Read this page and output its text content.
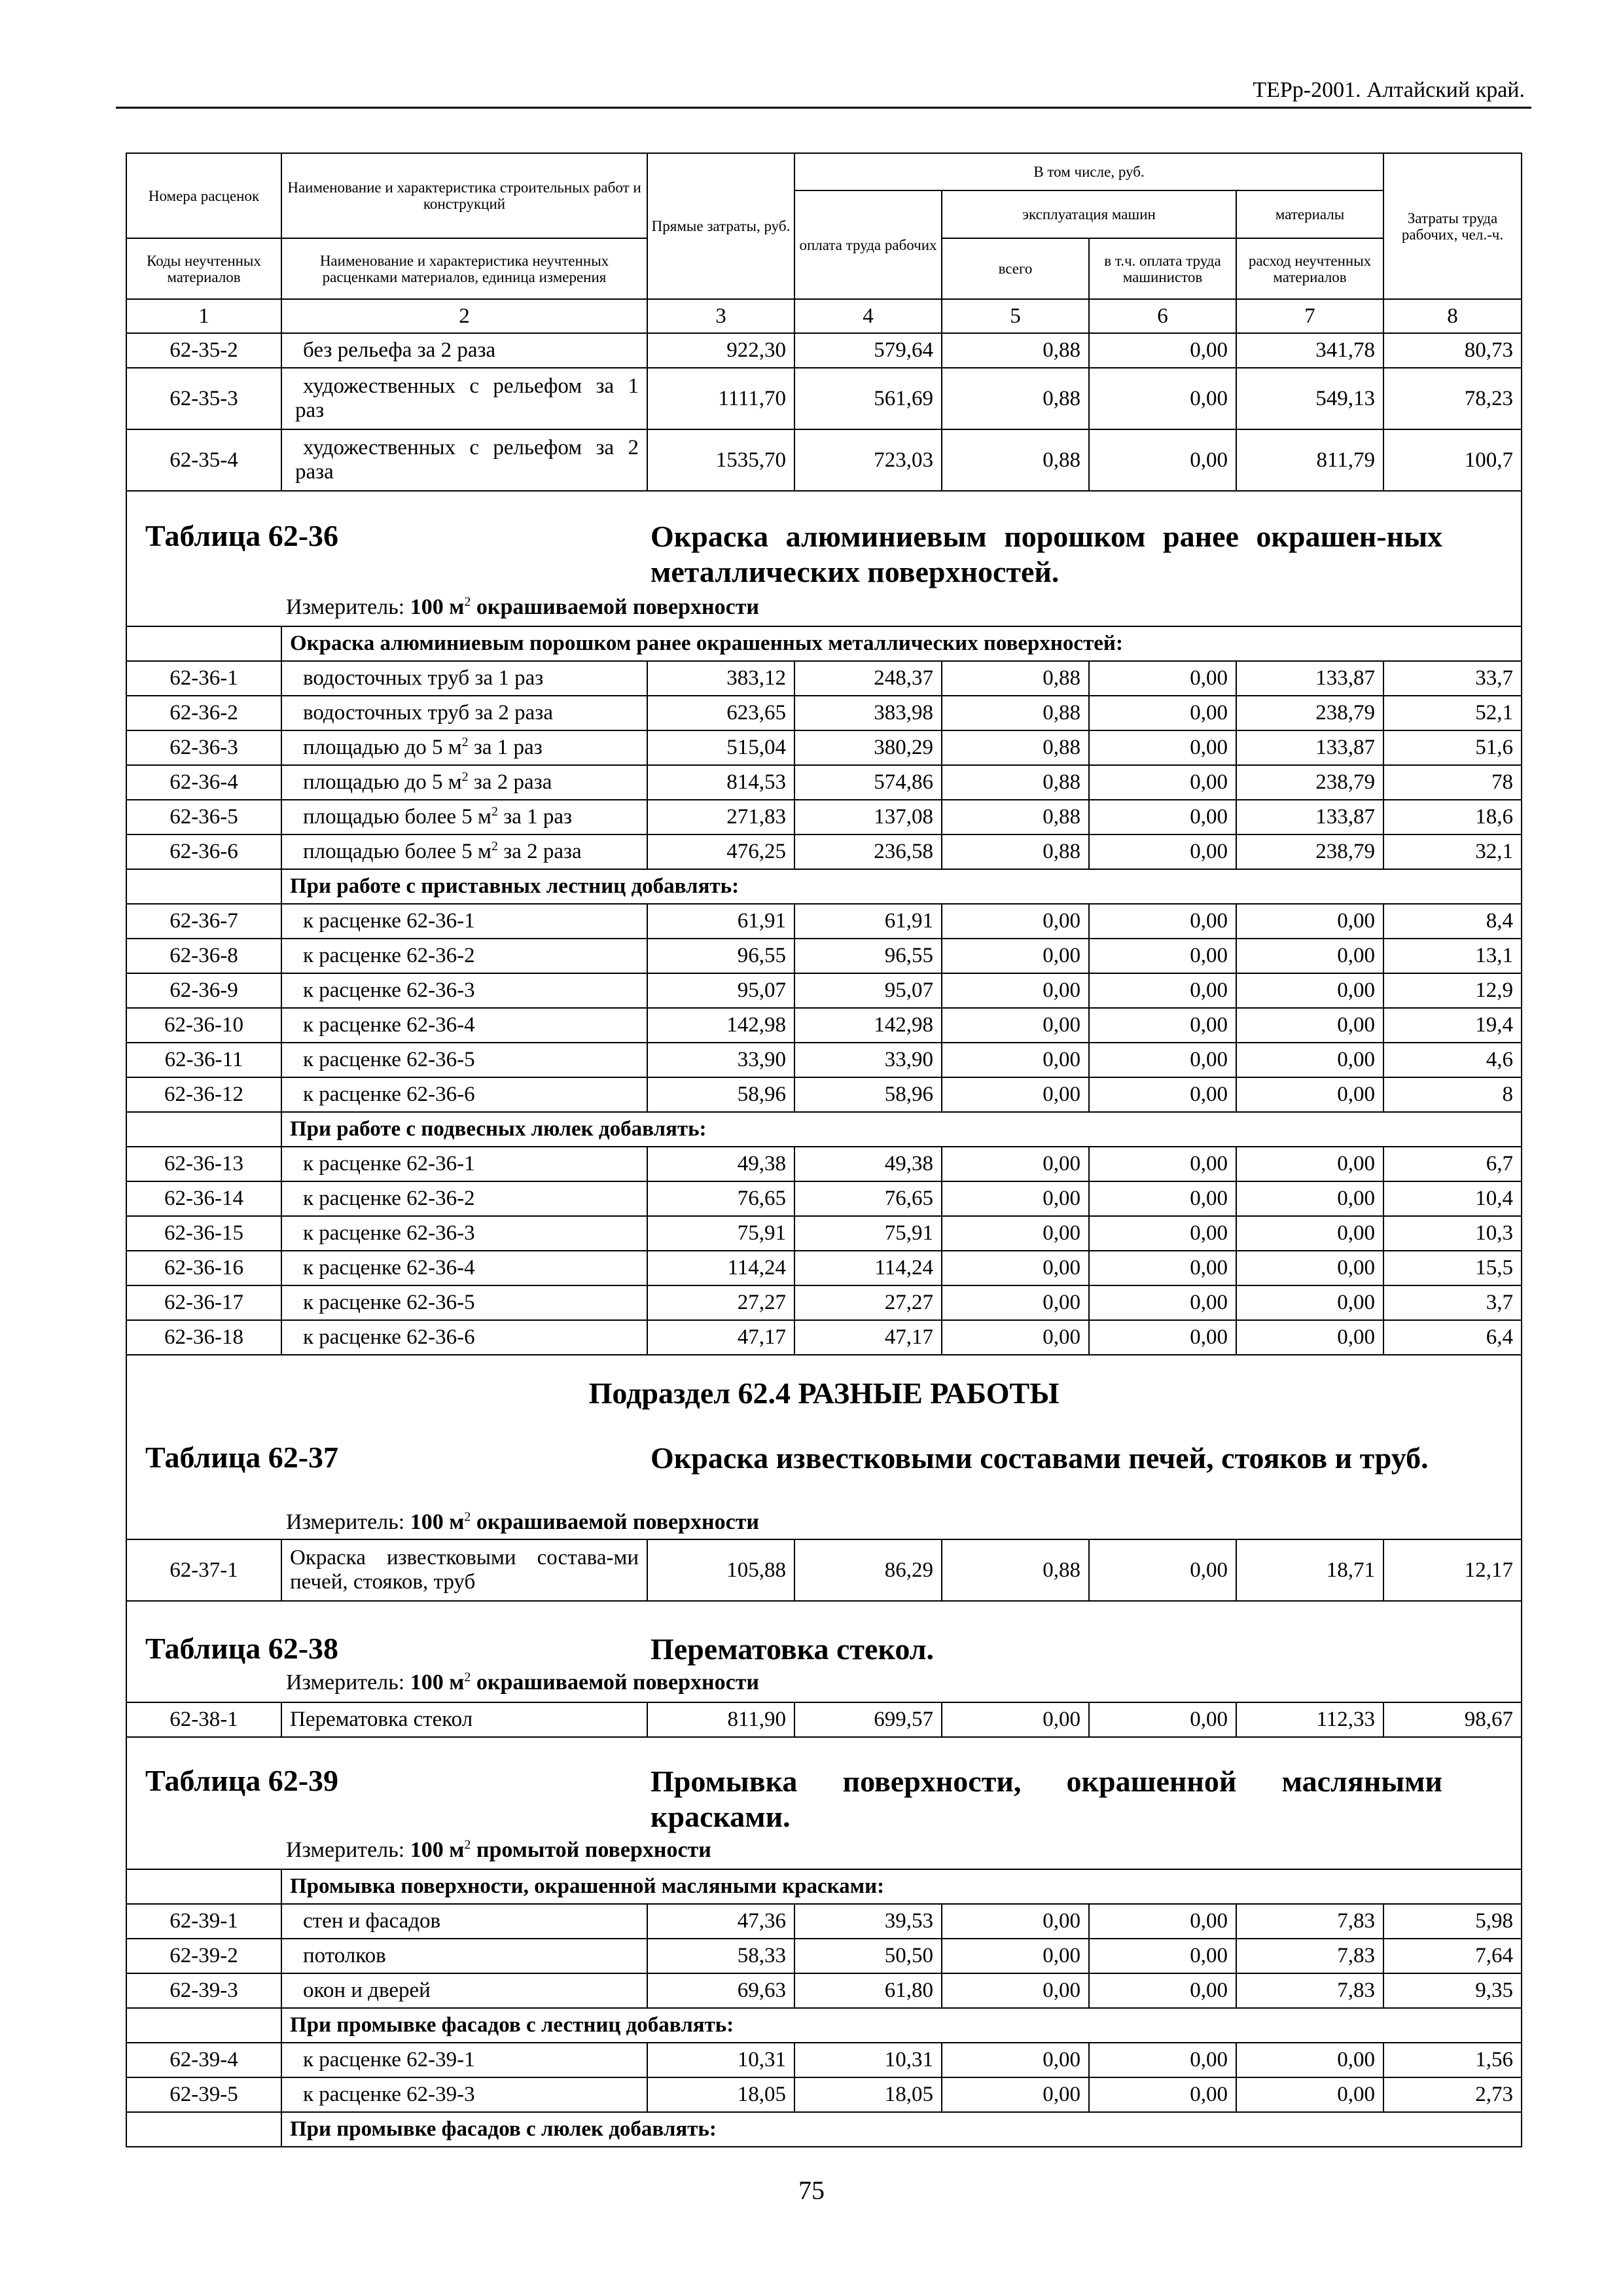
ТЕРр-2001. Алтайский край.
Номера расценок	Наименование и характеристика строительных работ и конструкций	Прямые затраты, руб.	В том числе, руб.				Затраты труда рабочих, чел.-ч.
			оплата труда рабочих	эксплуатация машин		материалы	
Коды неучтенных материалов	Наименование и характеристика неучтенных расценками материалов, единица измерения			всего	в т.ч. оплата труда машинистов	расход неучтенных материалов	
1	2	3	4	5	6	7	8
62-35-2	без рельефа за 2 раза	922,30	579,64	0,88	0,00	341,78	80,73
62-35-3	художественных с рельефом за 1 раз	1111,70	561,69	0,88	0,00	549,13	78,23
62-35-4	художественных с рельефом за 2 раза	1535,70	723,03	0,88	0,00	811,79	100,7

Таблица 62-36 Окраска алюминиевым порошком ранее окрашен-ных металлических поверхностей.
Измеритель: 100 $м^2$ окрашиваемой поверхности							

	Окраска алюминиевым порошком ранее окрашенных металлических поверхностей:						
62-36-1	водосточных труб за 1 раз	383,12	248,37	0,88	0,00	133,87	33,7
62-36-2	водосточных труб за 2 раза	623,65	383,98	0,88	0,00	238,79	52,1
62-36-3	площадью до 5 $м^2$ за 1 раз	515,04	380,29	0,88	0,00	133,87	51,6
62-36-4	площадью до 5 $м^2$ за 2 раза	814,53	574,86	0,88	0,00	238,79	78
62-36-5	площадью более 5 $м^2$ за 1 раз	271,83	137,08	0,88	0,00	133,87	18,6
62-36-6	площадью более 5 $м^2$ за 2 раза	476,25	236,58	0,88	0,00	238,79	32,1
	При работе с приставных лестниц добавлять:						
62-36-7	к расценке 62-36-1	61,91	61,91	0,00	0,00	0,00	8,4
62-36-8	к расценке 62-36-2	96,55	96,55	0,00	0,00	0,00	13,1
62-36-9	к расценке 62-36-3	95,07	95,07	0,00	0,00	0,00	12,9
62-36-10	к расценке 62-36-4	142,98	142,98	0,00	0,00	0,00	19,4
62-36-11	к расценке 62-36-5	33,90	33,90	0,00	0,00	0,00	4,6
62-36-12	к расценке 62-36-6	58,96	58,96	0,00	0,00	0,00	8
	При работе с подвесных люлек добавлять:						
62-36-13	к расценке 62-36-1	49,38	49,38	0,00	0,00	0,00	6,7
62-36-14	к расценке 62-36-2	76,65	76,65	0,00	0,00	0,00	10,4
62-36-15	к расценке 62-36-3	75,91	75,91	0,00	0,00	0,00	10,3
62-36-16	к расценке 62-36-4	114,24	114,24	0,00	0,00	0,00	15,5
62-36-17	к расценке 62-36-5	27,27	27,27	0,00	0,00	0,00	3,7
62-36-18	к расценке 62-36-6	47,17	47,17	0,00	0,00	0,00	6,4

Подраздел 62.4 РАЗНЫЕ РАБОТЫ
Таблица 62-37 Окраска известковыми составами печей, стояков и труб.
Измеритель: 100 $м^2$ окрашиваемой поверхности							

62-37-1	Окраска известковыми состава-ми печей, стояков, труб	105,88	86,29	0,88	0,00	18,71	12,17

Таблица 62-38 Перематовка стекол.
Измеритель: 100 $м^2$ окрашиваемой поверхности							

62-38-1	Перематовка стекол	811,90	699,57	0,00	0,00	112,33	98,67

Таблица 62-39 Промывка поверхности, окрашенной масляными красками.
Измеритель: 100 $м^2$ промытой поверхности							

	Промывка поверхности, окрашенной масляными красками:						
62-39-1	стен и фасадов	47,36	39,53	0,00	0,00	7,83	5,98
62-39-2	потолков	58,33	50,50	0,00	0,00	7,83	7,64
62-39-3	окон и дверей	69,63	61,80	0,00	0,00	7,83	9,35
	При промывке фасадов с лестниц добавлять:						
62-39-4	к расценке 62-39-1	10,31	10,31	0,00	0,00	0,00	1,56
62-39-5	к расценке 62-39-3	18,05	18,05	0,00	0,00	0,00	2,73
	При промывке фасадов с люлек добавлять:						
75
